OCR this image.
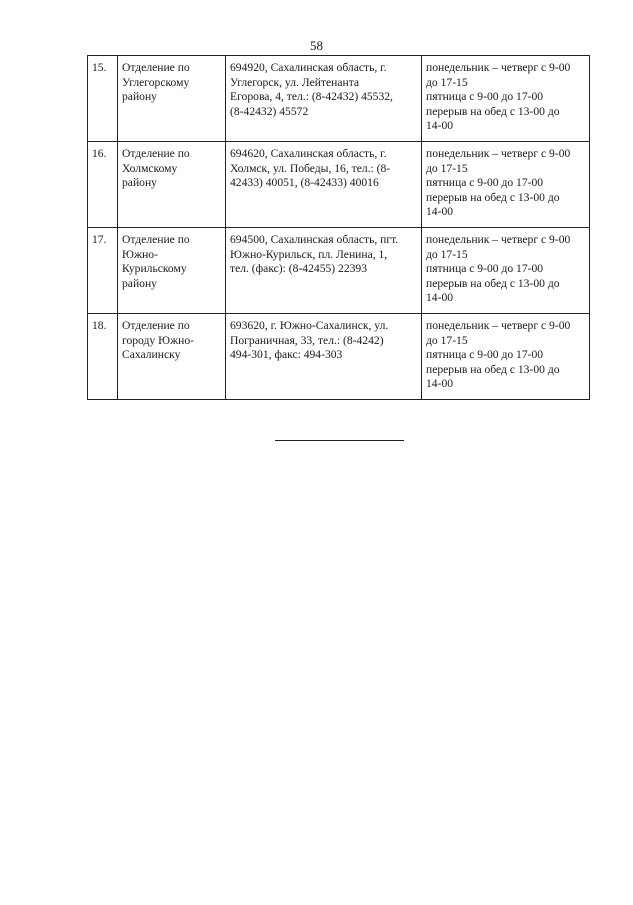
58
15.	Отделение по
Углегорскому
району	694920, Сахалинская область, г.
Углегорск, ул. Лейтенанта
Егорова, 4, тел.: (8-42432) 45532,
(8-42432) 45572	понедельник – четверг с 9-00
до 17-15
пятница с 9-00 до 17-00
перерыв на обед с 13-00 до
14-00

16.	Отделение по
Холмскому
району	694620, Сахалинская область, г.
Холмск, ул. Победы, 16, тел.: (8-
42433) 40051, (8-42433) 40016	понедельник – четверг с 9-00
до 17-15
пятница с 9-00 до 17-00
перерыв на обед с 13-00 до
14-00

17.	Отделение по
Южно-
Курильскому
району	694500, Сахалинская область, пгт.
Южно-Курильск, пл. Ленина, 1,
тел. (факс): (8-42455) 22393	понедельник – четверг с 9-00
до 17-15
пятница с 9-00 до 17-00
перерыв на обед с 13-00 до
14-00

18.	Отделение по
городу Южно-
Сахалинску	693620, г. Южно-Сахалинск, ул.
Пограничная, 33, тел.: (8-4242)
494-301, факс: 494-303	понедельник – четверг с 9-00
до 17-15
пятница с 9-00 до 17-00
перерыв на обед с 13-00 до
14-00
